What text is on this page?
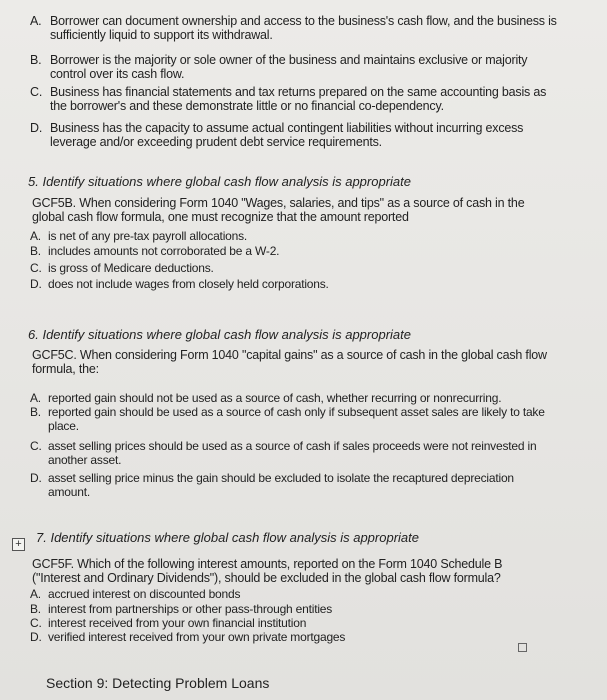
A. Borrower can document ownership and access to the business's cash flow, and the business is sufficiently liquid to support its withdrawal.
B. Borrower is the majority or sole owner of the business and maintains exclusive or majority control over its cash flow.
C. Business has financial statements and tax returns prepared on the same accounting basis as the borrower's and these demonstrate little or no financial co-dependency.
D. Business has the capacity to assume actual contingent liabilities without incurring excess leverage and/or exceeding prudent debt service requirements.
5. Identify situations where global cash flow analysis is appropriate
GCF5B. When considering Form 1040 "Wages, salaries, and tips" as a source of cash in the global cash flow formula, one must recognize that the amount reported
A. is net of any pre-tax payroll allocations.
B. includes amounts not corroborated be a W-2.
C. is gross of Medicare deductions.
D. does not include wages from closely held corporations.
6. Identify situations where global cash flow analysis is appropriate
GCF5C. When considering Form 1040 "capital gains" as a source of cash in the global cash flow formula, the:
A. reported gain should not be used as a source of cash, whether recurring or nonrecurring.
B. reported gain should be used as a source of cash only if subsequent asset sales are likely to take place.
C. asset selling prices should be used as a source of cash if sales proceeds were not reinvested in another asset.
D. asset selling price minus the gain should be excluded to isolate the recaptured depreciation amount.
+ 7. Identify situations where global cash flow analysis is appropriate
GCF5F. Which of the following interest amounts, reported on the Form 1040 Schedule B ("Interest and Ordinary Dividends"), should be excluded in the global cash flow formula?
A. accrued interest on discounted bonds
B. interest from partnerships or other pass-through entities
C. interest received from your own financial institution
D. verified interest received from your own private mortgages
Section 9: Detecting Problem Loans
